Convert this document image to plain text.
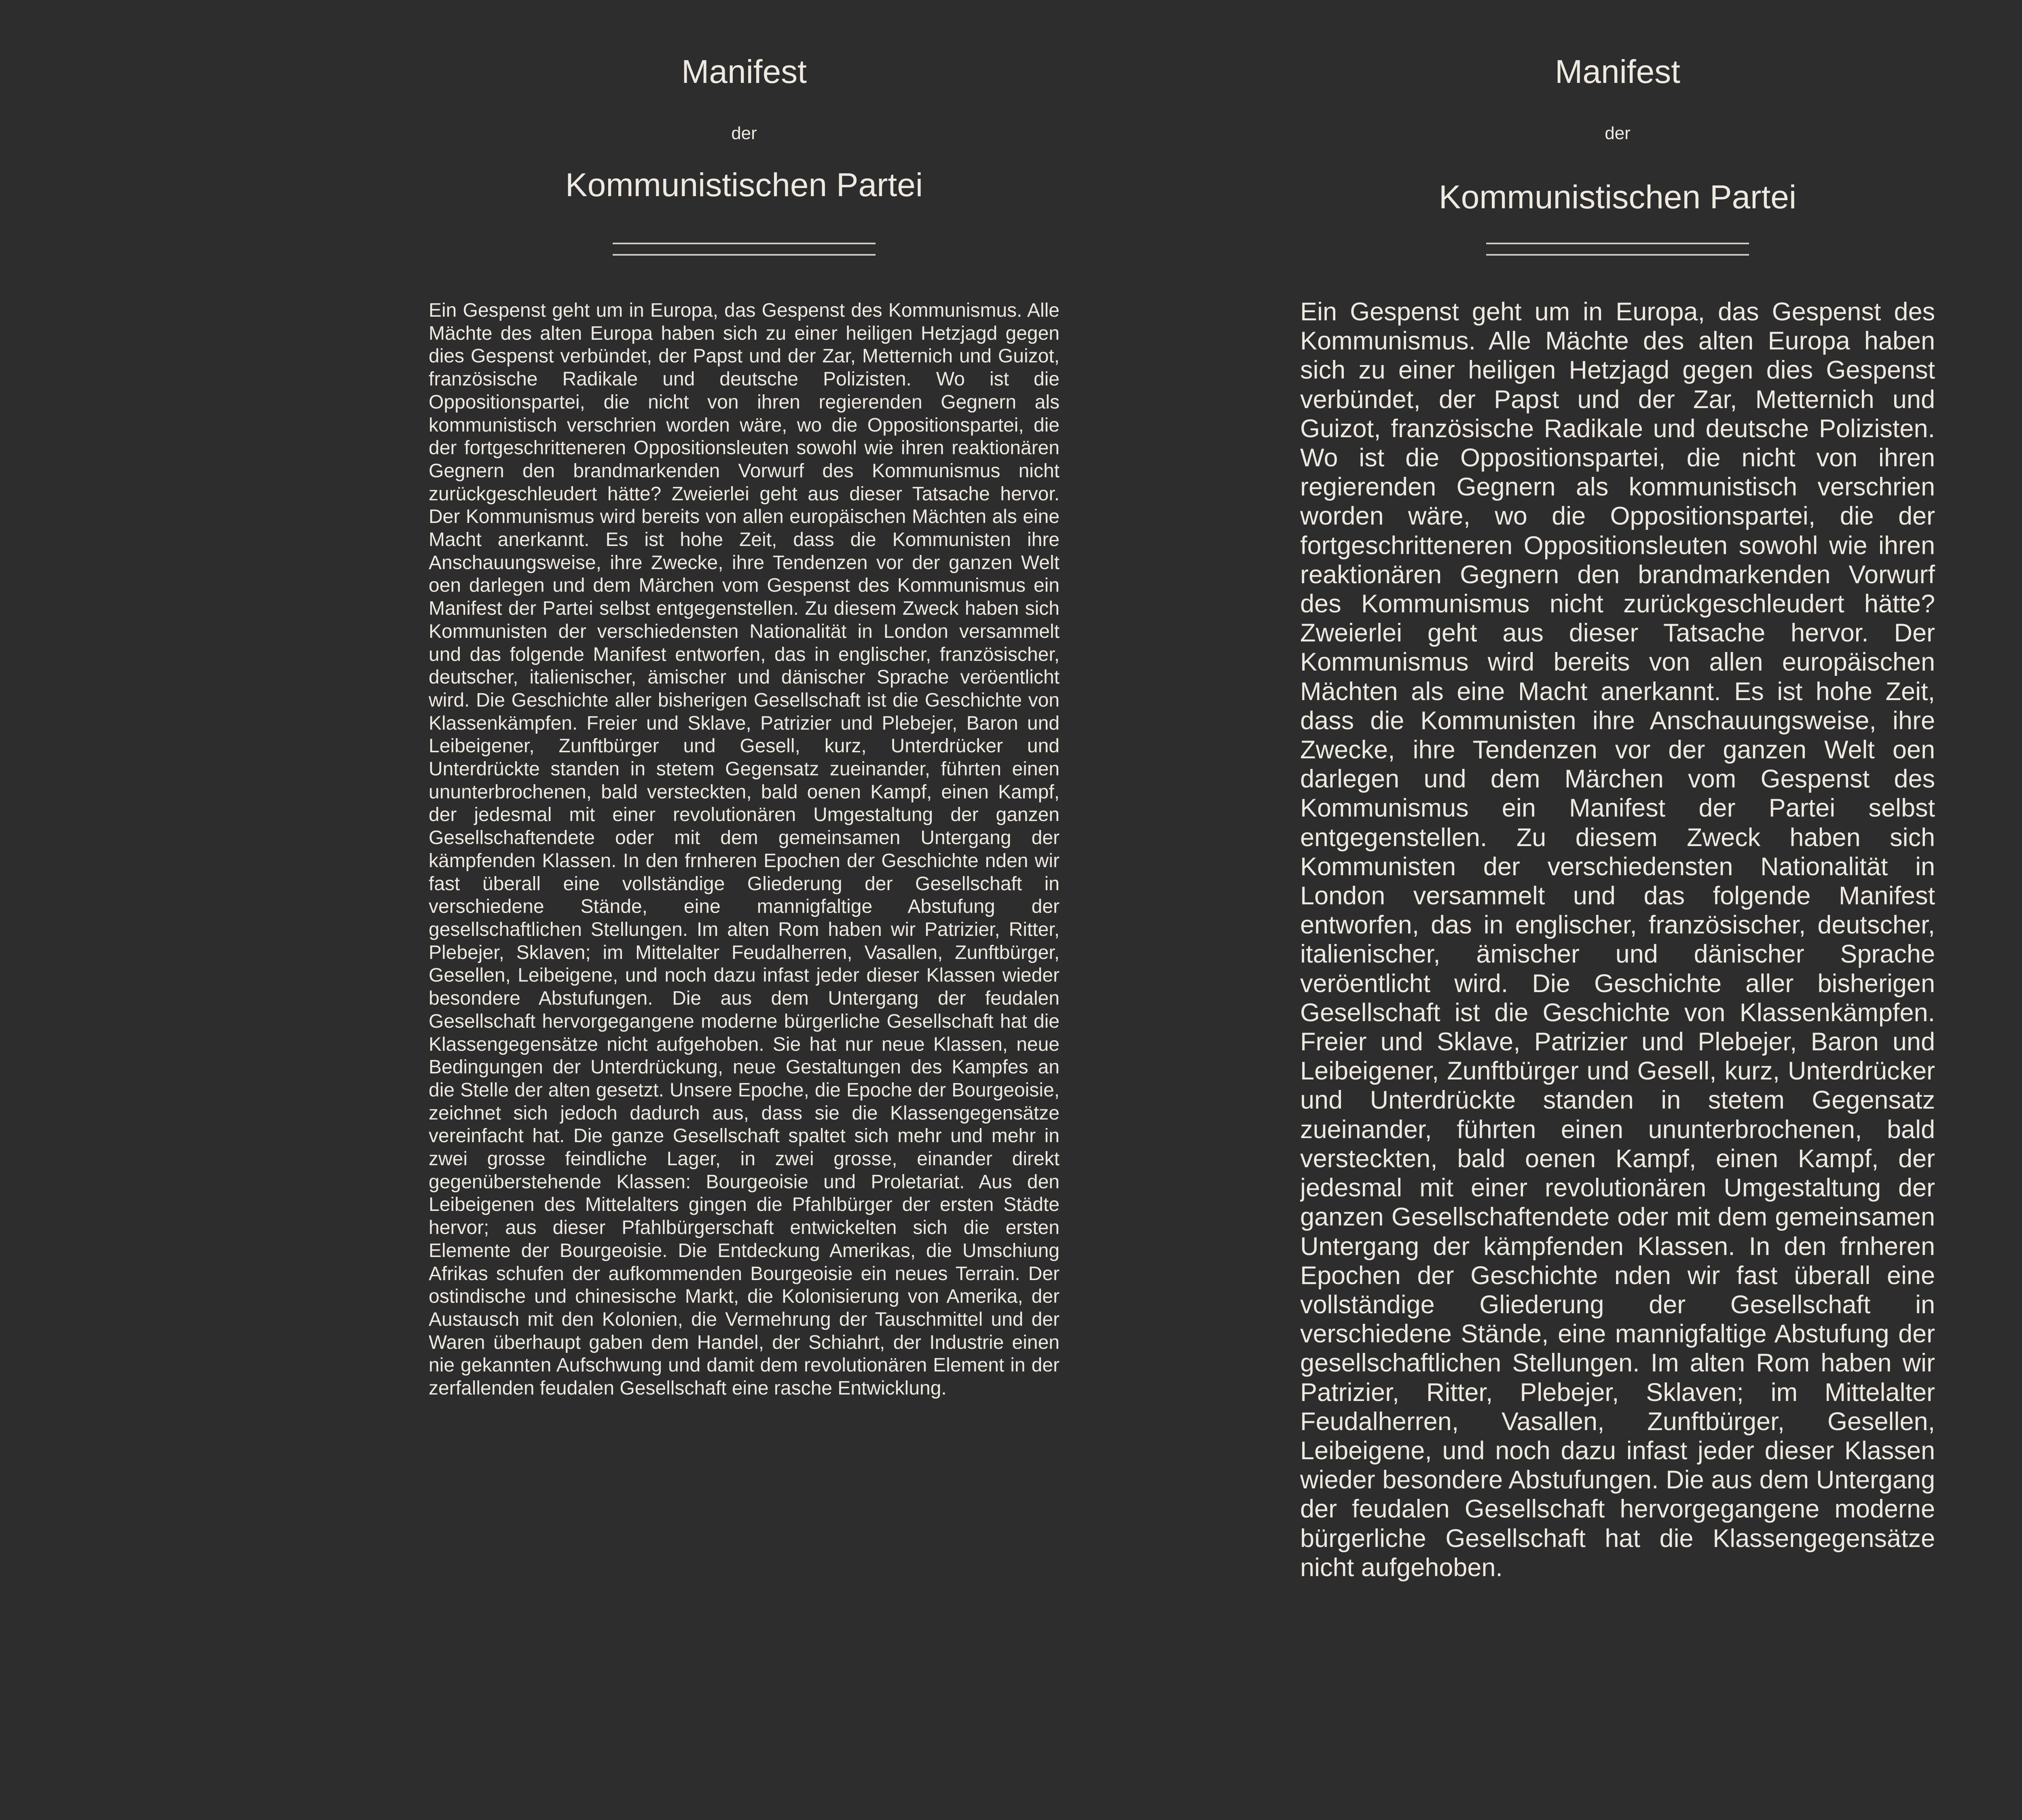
Manifest
der
Kommunistischen Partei

Ein Gespenst geht um in Europa, das Gespenst des Kommunismus. Alle Mächte des alten Europa haben sich zu einer heiligen Hetzjagd gegen dies Gespenst verbündet, der Papst und der Zar, Metternich und Guizot, französische Radikale und deutsche Polizisten. Wo ist die Oppositionspartei, die nicht von ihren regierenden Gegnern als kommunistisch verschrien worden wäre, wo die Oppositionspartei, die der fortgeschritteneren Oppositionsleuten sowohl wie ihren reaktionären Gegnern den brandmarkenden Vorwurf des Kommunismus nicht zurückgeschleudert hätte? Zweierlei geht aus dieser Tatsache hervor. Der Kommunismus wird bereits von allen europäischen Mächten als eine Macht anerkannt. Es ist hohe Zeit, dass die Kommunisten ihre Anschauungsweise, ihre Zwecke, ihre Tendenzen vor der ganzen Welt oen darlegen und dem Märchen vom Gespenst des Kommunismus ein Manifest der Partei selbst entgegenstellen. Zu diesem Zweck haben sich Kommunisten der verschiedensten Nationalität in London versammelt und das folgende Manifest entworfen, das in englischer, französischer, deutscher, italienischer, ämischer und dänischer Sprache veröentlicht wird. Die Geschichte aller bisherigen Gesellschaft ist die Geschichte von Klassenkämpfen. Freier und Sklave, Patrizier und Plebejer, Baron und Leibeigener, Zunftbürger und Gesell, kurz, Unterdrücker und Unterdrückte standen in stetem Gegensatz zueinander, führten einen ununterbrochenen, bald versteckten, bald oenen Kampf, einen Kampf, der jedesmal mit einer revolutionären Umgestaltung der ganzen Gesellschaftendete oder mit dem gemeinsamen Untergang der kämpfenden Klassen. In den frnheren Epochen der Geschichte nden wir fast überall eine vollständige Gliederung der Gesellschaft in verschiedene Stände, eine mannigfaltige Abstufung der gesellschaftlichen Stellungen. Im alten Rom haben wir Patrizier, Ritter, Plebejer, Sklaven; im Mittelalter Feudalherren, Vasallen, Zunftbürger, Gesellen, Leibeigene, und noch dazu infast jeder dieser Klassen wieder besondere Abstufungen. Die aus dem Untergang der feudalen Gesellschaft hervorgegangene moderne bürgerliche Gesellschaft hat die Klassengegensätze nicht aufgehoben. Sie hat nur neue Klassen, neue Bedingungen der Unterdrückung, neue Gestaltungen des Kampfes an die Stelle der alten gesetzt. Unsere Epoche, die Epoche der Bourgeoisie, zeichnet sich jedoch dadurch aus, dass sie die Klassengegensätze vereinfacht hat. Die ganze Gesellschaft spaltet sich mehr und mehr in zwei grosse feindliche Lager, in zwei grosse, einander direkt gegenüberstehende Klassen: Bourgeoisie und Proletariat. Aus den Leibeigenen des Mittelalters gingen die Pfahlbürger der ersten Städte hervor; aus dieser Pfahlbürgerschaft entwickelten sich die ersten Elemente der Bourgeoisie. Die Entdeckung Amerikas, die Umschiung Afrikas schufen der aufkommenden Bourgeoisie ein neues Terrain. Der ostindische und chinesische Markt, die Kolonisierung von Amerika, der Austausch mit den Kolonien, die Vermehrung der Tauschmittel und der Waren überhaupt gaben dem Handel, der Schiahrt, der Industrie einen nie gekannten Aufschwung und damit dem revolutionären Element in der zerfallenden feudalen Gesellschaft eine rasche Entwicklung.

Manifest
der
Kommunistischen Partei

Ein Gespenst geht um in Europa, das Gespenst des Kommunismus. Alle Mächte des alten Europa haben sich zu einer heiligen Hetzjagd gegen dies Gespenst verbündet, der Papst und der Zar, Metternich und Guizot, französische Radikale und deutsche Polizisten. Wo ist die Oppositionspartei, die nicht von ihren regierenden Gegnern als kommunistisch verschrien worden wäre, wo die Oppositionspartei, die der fortgeschritteneren Oppositionsleuten sowohl wie ihren reaktionären Gegnern den brandmarkenden Vorwurf des Kommunismus nicht zurückgeschleudert hätte? Zweierlei geht aus dieser Tatsache hervor. Der Kommunismus wird bereits von allen europäischen Mächten als eine Macht anerkannt. Es ist hohe Zeit, dass die Kommunisten ihre Anschauungsweise, ihre Zwecke, ihre Tendenzen vor der ganzen Welt oen darlegen und dem Märchen vom Gespenst des Kommunismus ein Manifest der Partei selbst entgegenstellen. Zu diesem Zweck haben sich Kommunisten der verschiedensten Nationalität in London versammelt und das folgende Manifest entworfen, das in englischer, französischer, deutscher, italienischer, ämischer und dänischer Sprache veröentlicht wird. Die Geschichte aller bisherigen Gesellschaft ist die Geschichte von Klassenkämpfen. Freier und Sklave, Patrizier und Plebejer, Baron und Leibeigener, Zunftbürger und Gesell, kurz, Unterdrücker und Unterdrückte standen in stetem Gegensatz zueinander, führten einen ununterbrochenen, bald versteckten, bald oenen Kampf, einen Kampf, der jedesmal mit einer revolutionären Umgestaltung der ganzen Gesellschaftendete oder mit dem gemeinsamen Untergang der kämpfenden Klassen. In den frnheren Epochen der Geschichte nden wir fast überall eine vollständige Gliederung der Gesellschaft in verschiedene Stände, eine mannigfaltige Abstufung der gesellschaftlichen Stellungen. Im alten Rom haben wir Patrizier, Ritter, Plebejer, Sklaven; im Mittelalter Feudalherren, Vasallen, Zunftbürger, Gesellen, Leibeigene, und noch dazu infast jeder dieser Klassen wieder besondere Abstufungen. Die aus dem Untergang der feudalen Gesellschaft hervorgegangene moderne bürgerliche Gesellschaft hat die Klassengegensätze nicht aufgehoben.
